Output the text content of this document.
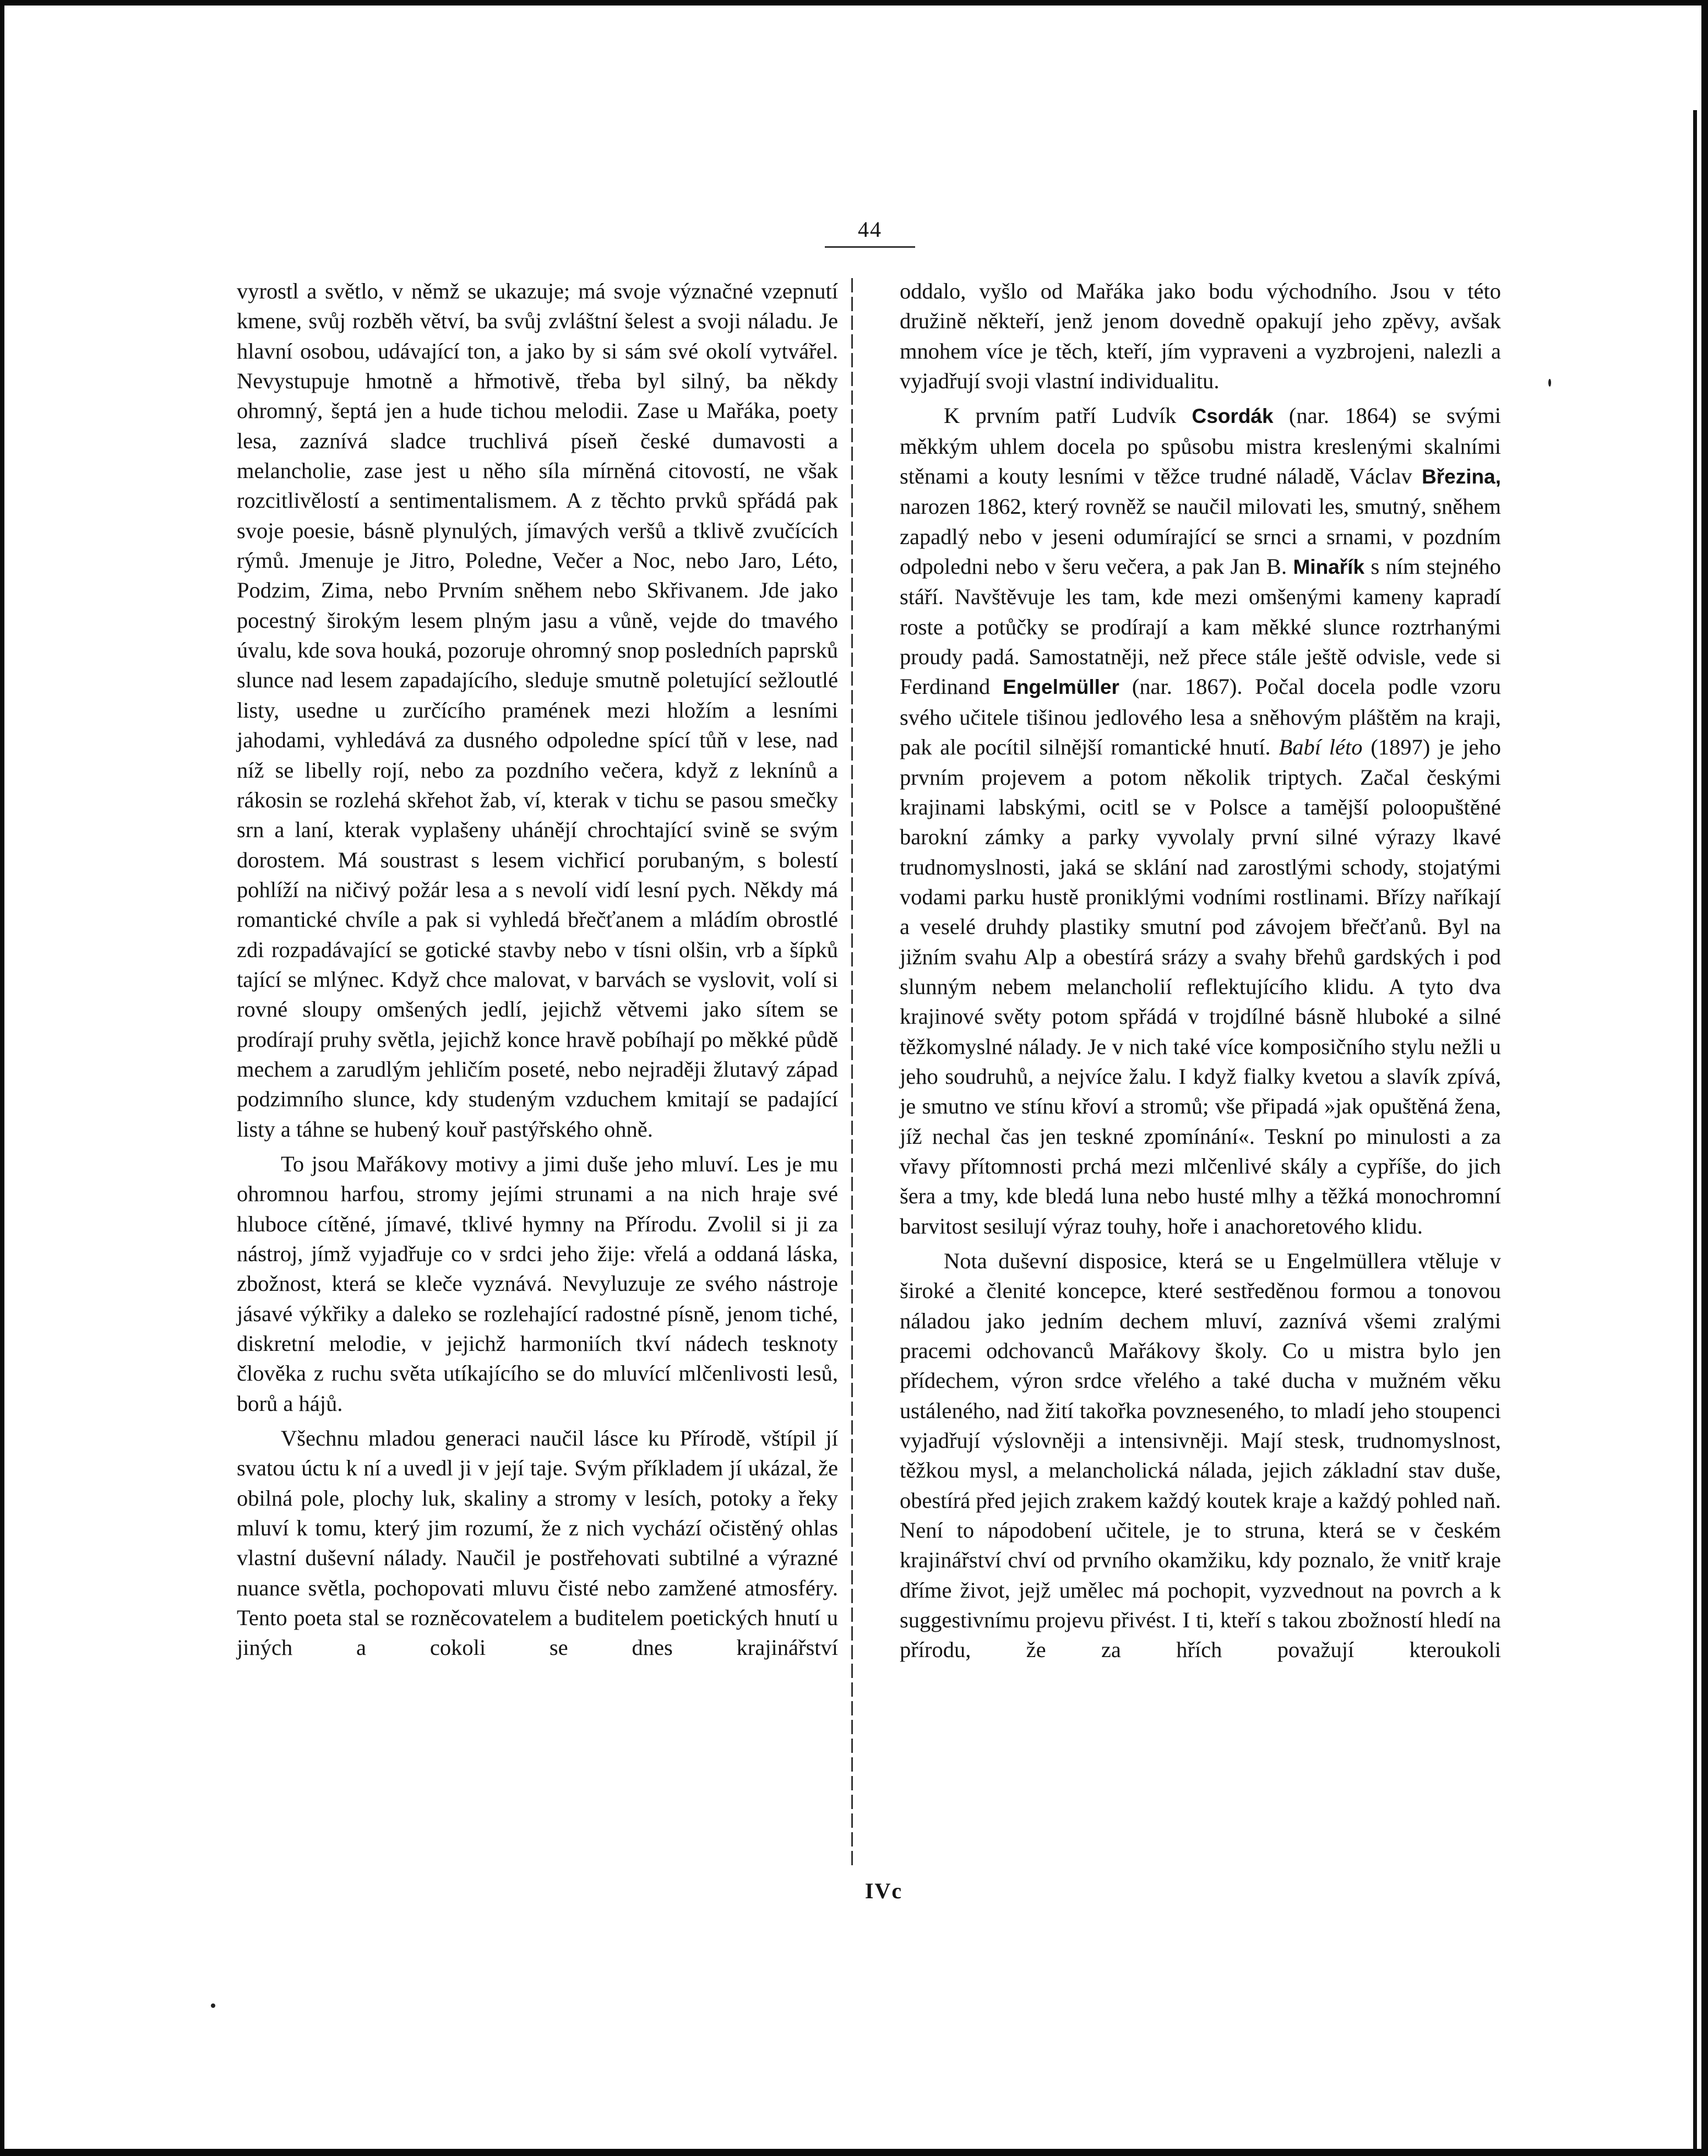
44

vyrostl a světlo, v němž se ukazuje; má svoje význačné vzepnutí kmene, svůj rozběh větví, ba svůj zvláštní šelest a svoji náladu. Je hlavní osobou, udávající ton, a jako by si sám své okolí vytvářel. Nevystupuje hmotně a hřmotivě, třeba byl silný, ba někdy ohromný, šeptá jen a hude tichou melodii. Zase u Mařáka, poety lesa, zaznívá sladce truchlivá píseň české dumavosti a melancholie, zase jest u něho síla mírněná citovostí, ne však rozcitlivělostí a sentimentalismem. A z těchto prvků spřádá pak svoje poesie, básně plynulých, jímavých veršů a tklivě zvučících rýmů. Jmenuje je Jitro, Poledne, Večer a Noc, nebo Jaro, Léto, Podzim, Zima, nebo Prvním sněhem nebo Skřivanem. Jde jako pocestný širokým lesem plným jasu a vůně, vejde do tmavého úvalu, kde sova houká, pozoruje ohromný snop posledních paprsků slunce nad lesem zapadajícího, sleduje smutně poletující sežloutlé listy, usedne u zurčícího pramének mezi hložím a lesními jahodami, vyhledává za dusného odpoledne spící tůň v lese, nad níž se libelly rojí, nebo za pozdního večera, když z leknínů a rákosin se rozlehá skřehot žab, ví, kterak v tichu se pasou smečky srn a laní, kterak vyplašeny uhánějí chrochtající svině se svým dorostem. Má soustrast s lesem vichřicí porubaným, s bolestí pohlíží na ničivý požár lesa a s nevolí vidí lesní pych. Někdy má romantické chvíle a pak si vyhledá břečťanem a mládím obrostlé zdi rozpadávající se gotické stavby nebo v tísni olšin, vrb a šípků tající se mlýnec. Když chce malovat, v barvách se vyslovit, volí si rovné sloupy omšených jedlí, jejichž větvemi jako sítem se prodírají pruhy světla, jejichž konce hravě pobíhají po měkké půdě mechem a zarudlým jehličím poseté, nebo nejraději žlutavý západ podzimního slunce, kdy studeným vzduchem kmitají se padající listy a táhne se hubený kouř pastýřského ohně.

To jsou Mařákovy motivy a jimi duše jeho mluví. Les je mu ohromnou harfou, stromy jejími strunami a na nich hraje své hluboce cítěné, jímavé, tklivé hymny na Přírodu. Zvolil si ji za nástroj, jímž vyjadřuje co v srdci jeho žije: vřelá a oddaná láska, zbožnost, která se kleče vyznává. Nevyluzuje ze svého nástroje jásavé výkřiky a daleko se rozlehající radostné písně, jenom tiché, diskretní melodie, v jejichž harmoniích tkví nádech tesknoty člověka z ruchu světa utíkajícího se do mluvící mlčenlivosti lesů, borů a hájů.

Všechnu mladou generaci naučil lásce ku Přírodě, vštípil jí svatou úctu k ní a uvedl ji v její taje. Svým příkladem jí ukázal, že obilná pole, plochy luk, skaliny a stromy v lesích, potoky a řeky mluví k tomu, který jim rozumí, že z nich vychází očistěný ohlas vlastní duševní nálady. Naučil je postřehovati subtilné a výrazné nuance světla, pochopovati mluvu čisté nebo zamžené atmosféry. Tento poeta stal se rozněcovatelem a buditelem poetických hnutí u jiných a cokoli se dnes krajinářství

oddalo, vyšlo od Mařáka jako bodu východního. Jsou v této družině někteří, jenž jenom dovedně opakují jeho zpěvy, avšak mnohem více je těch, kteří, jím vypraveni a vyzbrojeni, nalezli a vyjadřují svoji vlastní individualitu.

K prvním patří Ludvík Csordák (nar. 1864) se svými měkkým uhlem docela po spůsobu mistra kreslenými skalními stěnami a kouty lesními v těžce trudné náladě, Václav Březina, narozen 1862, který rovněž se naučil milovati les, smutný, sněhem zapadlý nebo v jeseni odumírající se srnci a srnami, v pozdním odpoledni nebo v šeru večera, a pak Jan B. Minařík s ním stejného stáří. Navštěvuje les tam, kde mezi omšenými kameny kapradí roste a potůčky se prodírají a kam měkké slunce roztrhanými proudy padá. Samostatněji, než přece stále ještě odvisle, vede si Ferdinand Engelmüller (nar. 1867). Počal docela podle vzoru svého učitele tišinou jedlového lesa a sněhovým pláštěm na kraji, pak ale pocítil silnější romantické hnutí. Babí léto (1897) je jeho prvním projevem a potom několik triptych. Začal českými krajinami labskými, ocitl se v Polsce a tamější poloopuštěné barokní zámky a parky vyvolaly první silné výrazy lkavé trudnomyslnosti, jaká se sklání nad zarostlými schody, stojatými vodami parku hustě proniklými vodními rostlinami. Břízy naříkají a veselé druhdy plastiky smutní pod závojem břečťanů. Byl na jižním svahu Alp a obestírá srázy a svahy břehů gardských i pod slunným nebem melancholií reflektujícího klidu. A tyto dva krajinové světy potom spřádá v trojdílné básně hluboké a silné těžkomyslné nálady. Je v nich také více komposičního stylu nežli u jeho soudruhů, a nejvíce žalu. I když fialky kvetou a slavík zpívá, je smutno ve stínu křoví a stromů; vše připadá »jak opuštěná žena, jíž nechal čas jen teskné zpomínání«. Teskní po minulosti a za vřavy přítomnosti prchá mezi mlčenlivé skály a cypříše, do jich šera a tmy, kde bledá luna nebo husté mlhy a těžká monochromní barvitost sesilují výraz touhy, hoře i anachoretového klidu.

Nota duševní disposice, která se u Engelmüllera vtěluje v široké a členité koncepce, které sestředěnou formou a tonovou náladou jako jedním dechem mluví, zaznívá všemi zralými pracemi odchovanců Mařákovy školy. Co u mistra bylo jen přídechem, výron srdce vřelého a také ducha v mužném věku ustáleného, nad žití takořka povzneseného, to mladí jeho stoupenci vyjadřují výslovněji a intensivněji. Mají stesk, trudnomyslnost, těžkou mysl, a melancholická nálada, jejich základní stav duše, obestírá před jejich zrakem každý koutek kraje a každý pohled naň. Není to nápodobení učitele, je to struna, která se v českém krajinářství chví od prvního okamžiku, kdy poznalo, že vnitř kraje dříme život, jejž umělec má pochopit, vyzvednout na povrch a k suggestivnímu projevu přivést. I ti, kteří s takou zbožností hledí na přírodu, že za hřích považují kteroukoli

IVc
